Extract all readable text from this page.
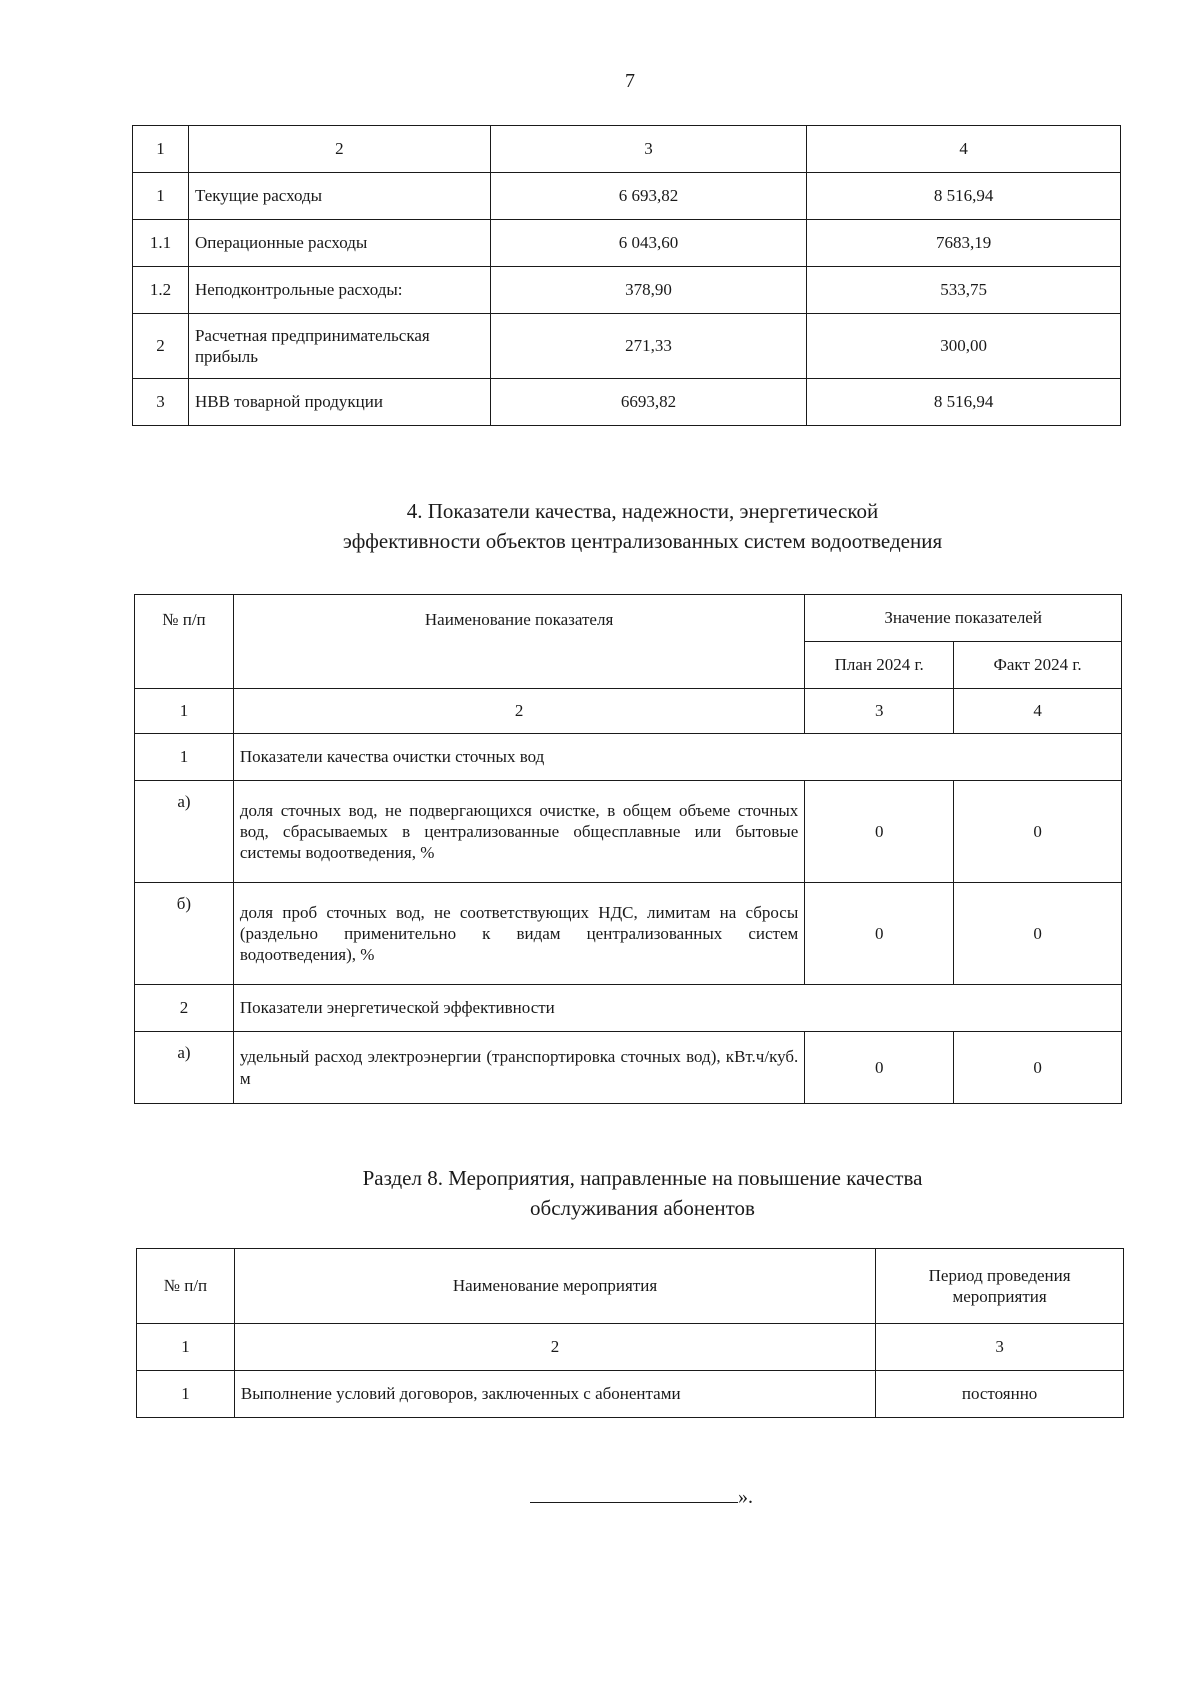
7
1	2	3	4
1	Текущие расходы	6 693,82	8 516,94
1.1	Операционные расходы	6 043,60	7683,19
1.2	Неподконтрольные расходы:	378,90	533,75
2	Расчетная предпринимательская прибыль	271,33	300,00
3	НВВ товарной продукции	6693,82	8 516,94
4. Показатели качества, надежности, энергетической
эффективности объектов централизованных систем водоотведения
№ п/п	Наименование показателя	Значение показателей	
		План 2024 г.	Факт 2024 г.
1	2	3	4
1	Показатели качества очистки сточных вод		
а)	доля сточных вод, не подвергающихся очистке, в общем объеме сточных вод, сбрасываемых в централизованные общесплавные или бытовые системы водоотведения, %	0	0
б)	доля проб сточных вод, не соответствующих НДС, лимитам на сбросы (раздельно применительно к видам централизованных систем водоотведения), %	0	0
2	Показатели энергетической эффективности		
а)	удельный расход электроэнергии (транспортировка сточных вод), кВт.ч/куб. м	0	0
Раздел 8. Мероприятия, направленные на повышение качества
обслуживания абонентов
№ п/п	Наименование мероприятия	Период проведения мероприятия
1	2	3
1	Выполнение условий договоров, заключенных с абонентами	постоянно
».
